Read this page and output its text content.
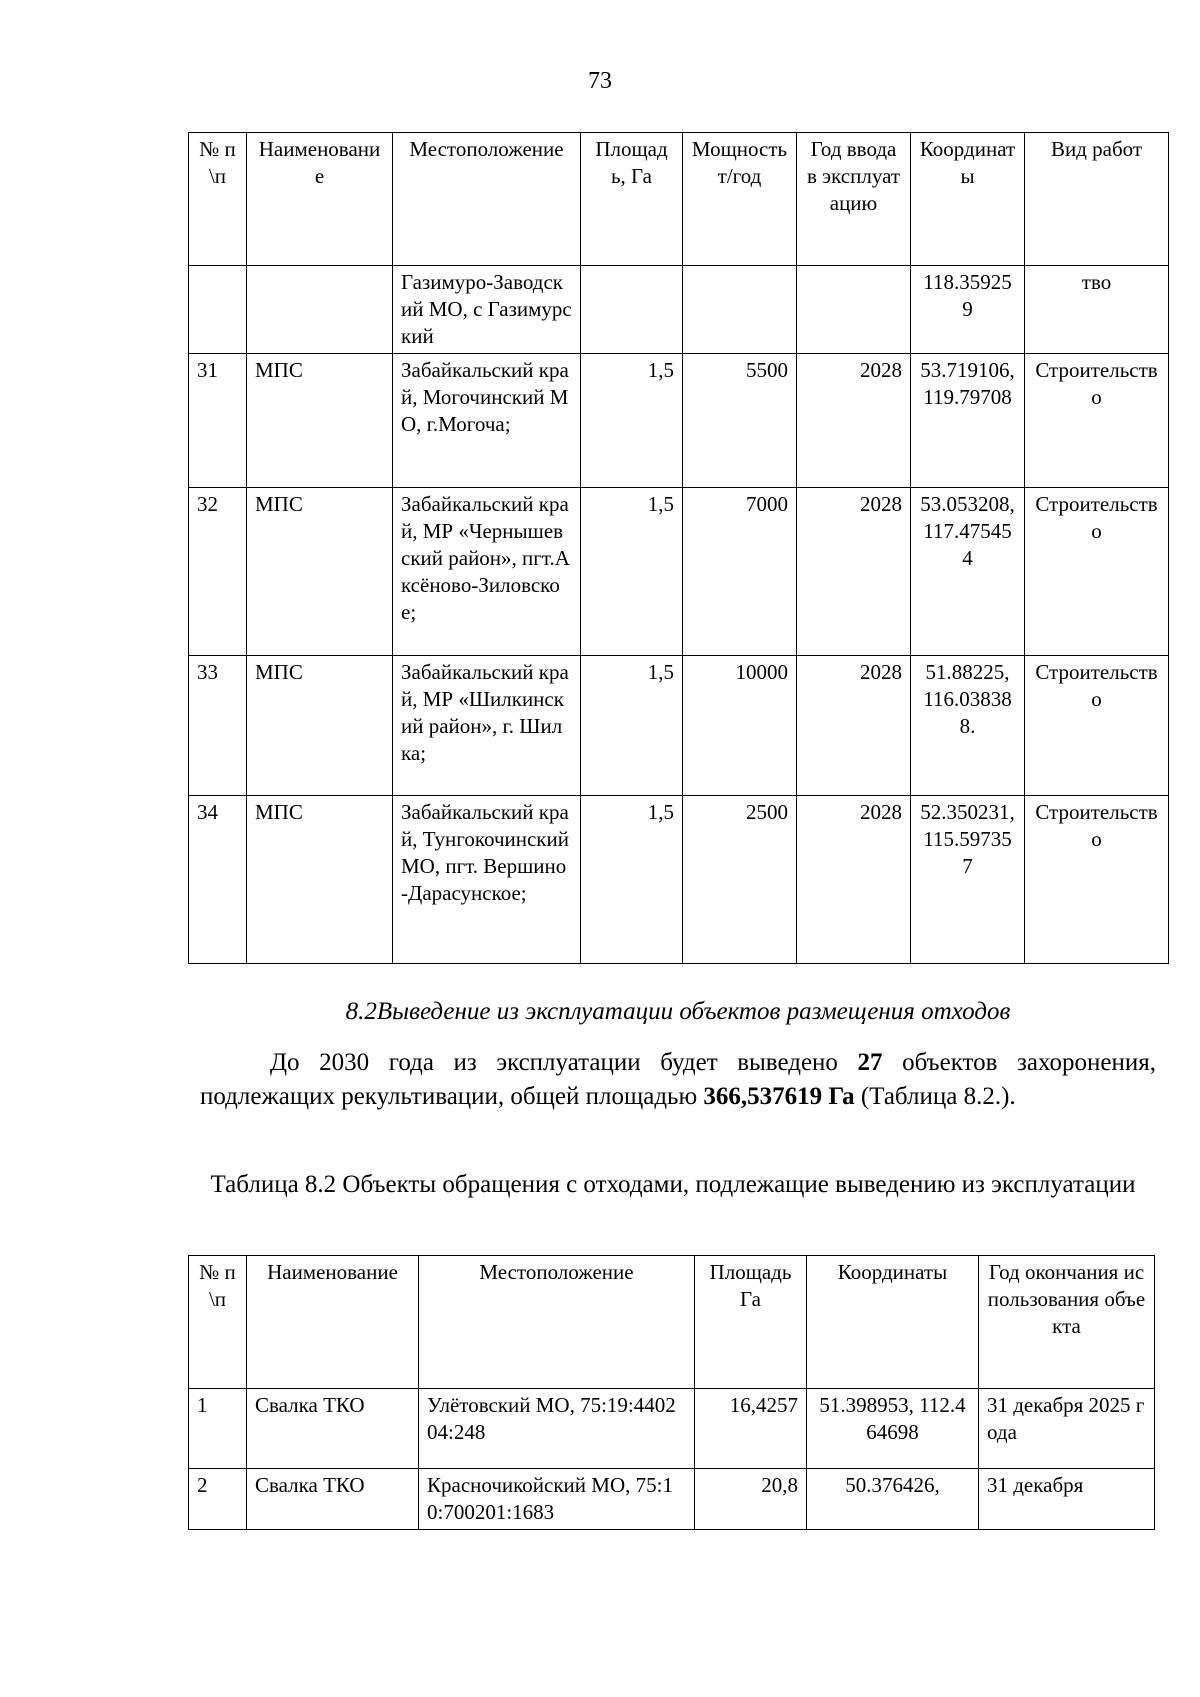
73
№ п\п	Наименование	Местоположение	Площадь, Га	Мощность т/год	Год ввода в эксплуатацию	Координаты	Вид работ
		Газимуро-Заводский МО, с Газимурский				118.359259	тво
31	МПС	Забайкальский край, Могочинский МО, г.Могоча;	1,5	5500	2028	53.719106, 119.79708	Строительство
32	МПС	Забайкальский край, МР «Чернышевский район», пгт.Аксёново-Зиловское;	1,5	7000	2028	53.053208, 117.475454	Строительство
33	МПС	Забайкальский край, МР «Шилкинский район», г. Шилка;	1,5	10000	2028	51.88225, 116.038388.	Строительство
34	МПС	Забайкальский край, Тунгокочинский МО, пгт. Вершино-Дарасунское;	1,5	2500	2028	52.350231, 115.597357	Строительство
8.2Выведение из эксплуатации объектов размещения отходов
До 2030 года из эксплуатации будет выведено 27 объектов захоронения, подлежащих рекультивации, общей площадью 366,537619 Га (Таблица 8.2.).
Таблица 8.2 Объекты обращения с отходами, подлежащие выведению из эксплуатации
№ п\п	Наименование	Местоположение	Площадь Га	Координаты	Год окончания использования объекта
1	Свалка ТКО	Улётовский МО, 75:19:440204:248	16,4257	51.398953, 112.464698	31 декабря 2025 года
2	Свалка ТКО	Красночикойский МО, 75:10:700201:1683	20,8	50.376426,	31 декабря
